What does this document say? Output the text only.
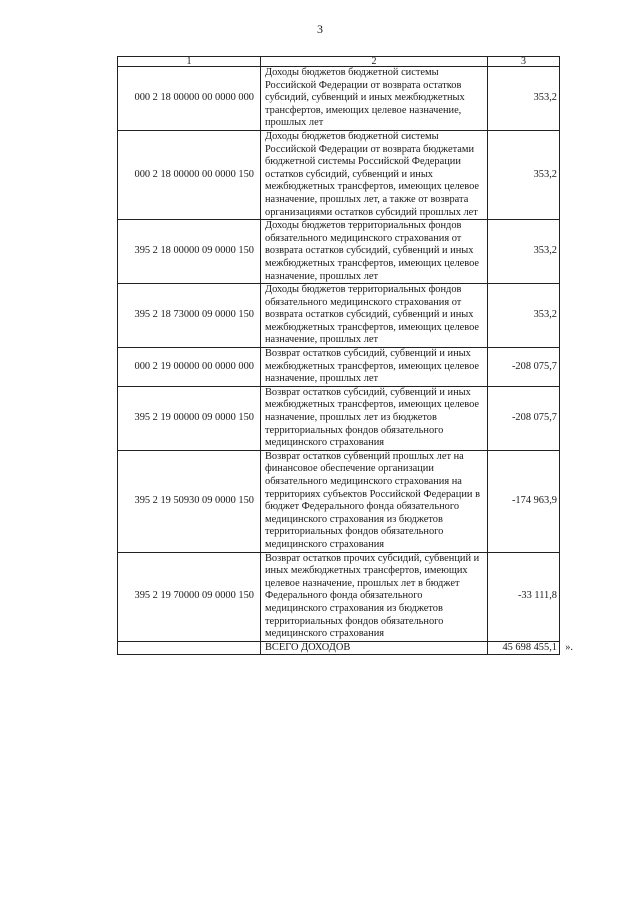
3
1	2	3
000 2 18 00000 00 0000 000	Доходы бюджетов бюджетной системы Российской Федерации от возврата остатков субсидий, субвенций и иных межбюджетных трансфертов, имеющих целевое назначение, прошлых лет	353,2
000 2 18 00000 00 0000 150	Доходы бюджетов бюджетной системы Российской Федерации от возврата бюджетами бюджетной системы Российской Федерации остатков субсидий, субвенций и иных межбюджетных трансфертов, имеющих целевое назначение, прошлых лет, а также от возврата организациями остатков субсидий прошлых лет	353,2
395 2 18 00000 09 0000 150	Доходы бюджетов территориальных фондов обязательного медицинского страхования от возврата остатков субсидий, субвенций и иных межбюджетных трансфертов, имеющих целевое назначение, прошлых лет	353,2
395 2 18 73000 09 0000 150	Доходы бюджетов территориальных фондов обязательного медицинского страхования от возврата остатков субсидий, субвенций и иных межбюджетных трансфертов, имеющих целевое назначение, прошлых лет	353,2
000 2 19 00000 00 0000 000	Возврат остатков субсидий, субвенций и иных межбюджетных трансфертов, имеющих целевое назначение, прошлых лет	-208 075,7
395 2 19 00000 09 0000 150	Возврат остатков субсидий, субвенций и иных межбюджетных трансфертов, имеющих целевое назначение, прошлых лет из бюджетов территориальных фондов обязательного медицинского страхования	-208 075,7
395 2 19 50930 09 0000 150	Возврат остатков субвенций прошлых лет на финансовое обеспечение организации обязательного медицинского страхования на территориях субъектов Российской Федерации в бюджет Федерального фонда обязательного медицинского страхования из бюджетов территориальных фондов обязательного медицинского страхования	-174 963,9
395 2 19 70000 09 0000 150	Возврат остатков прочих субсидий, субвенций и иных межбюджетных трансфертов, имеющих целевое назначение, прошлых лет в бюджет Федерального фонда обязательного медицинского страхования из бюджетов территориальных фондов обязательного медицинского страхования	-33 111,8
	ВСЕГО ДОХОДОВ	45 698 455,1 ».
